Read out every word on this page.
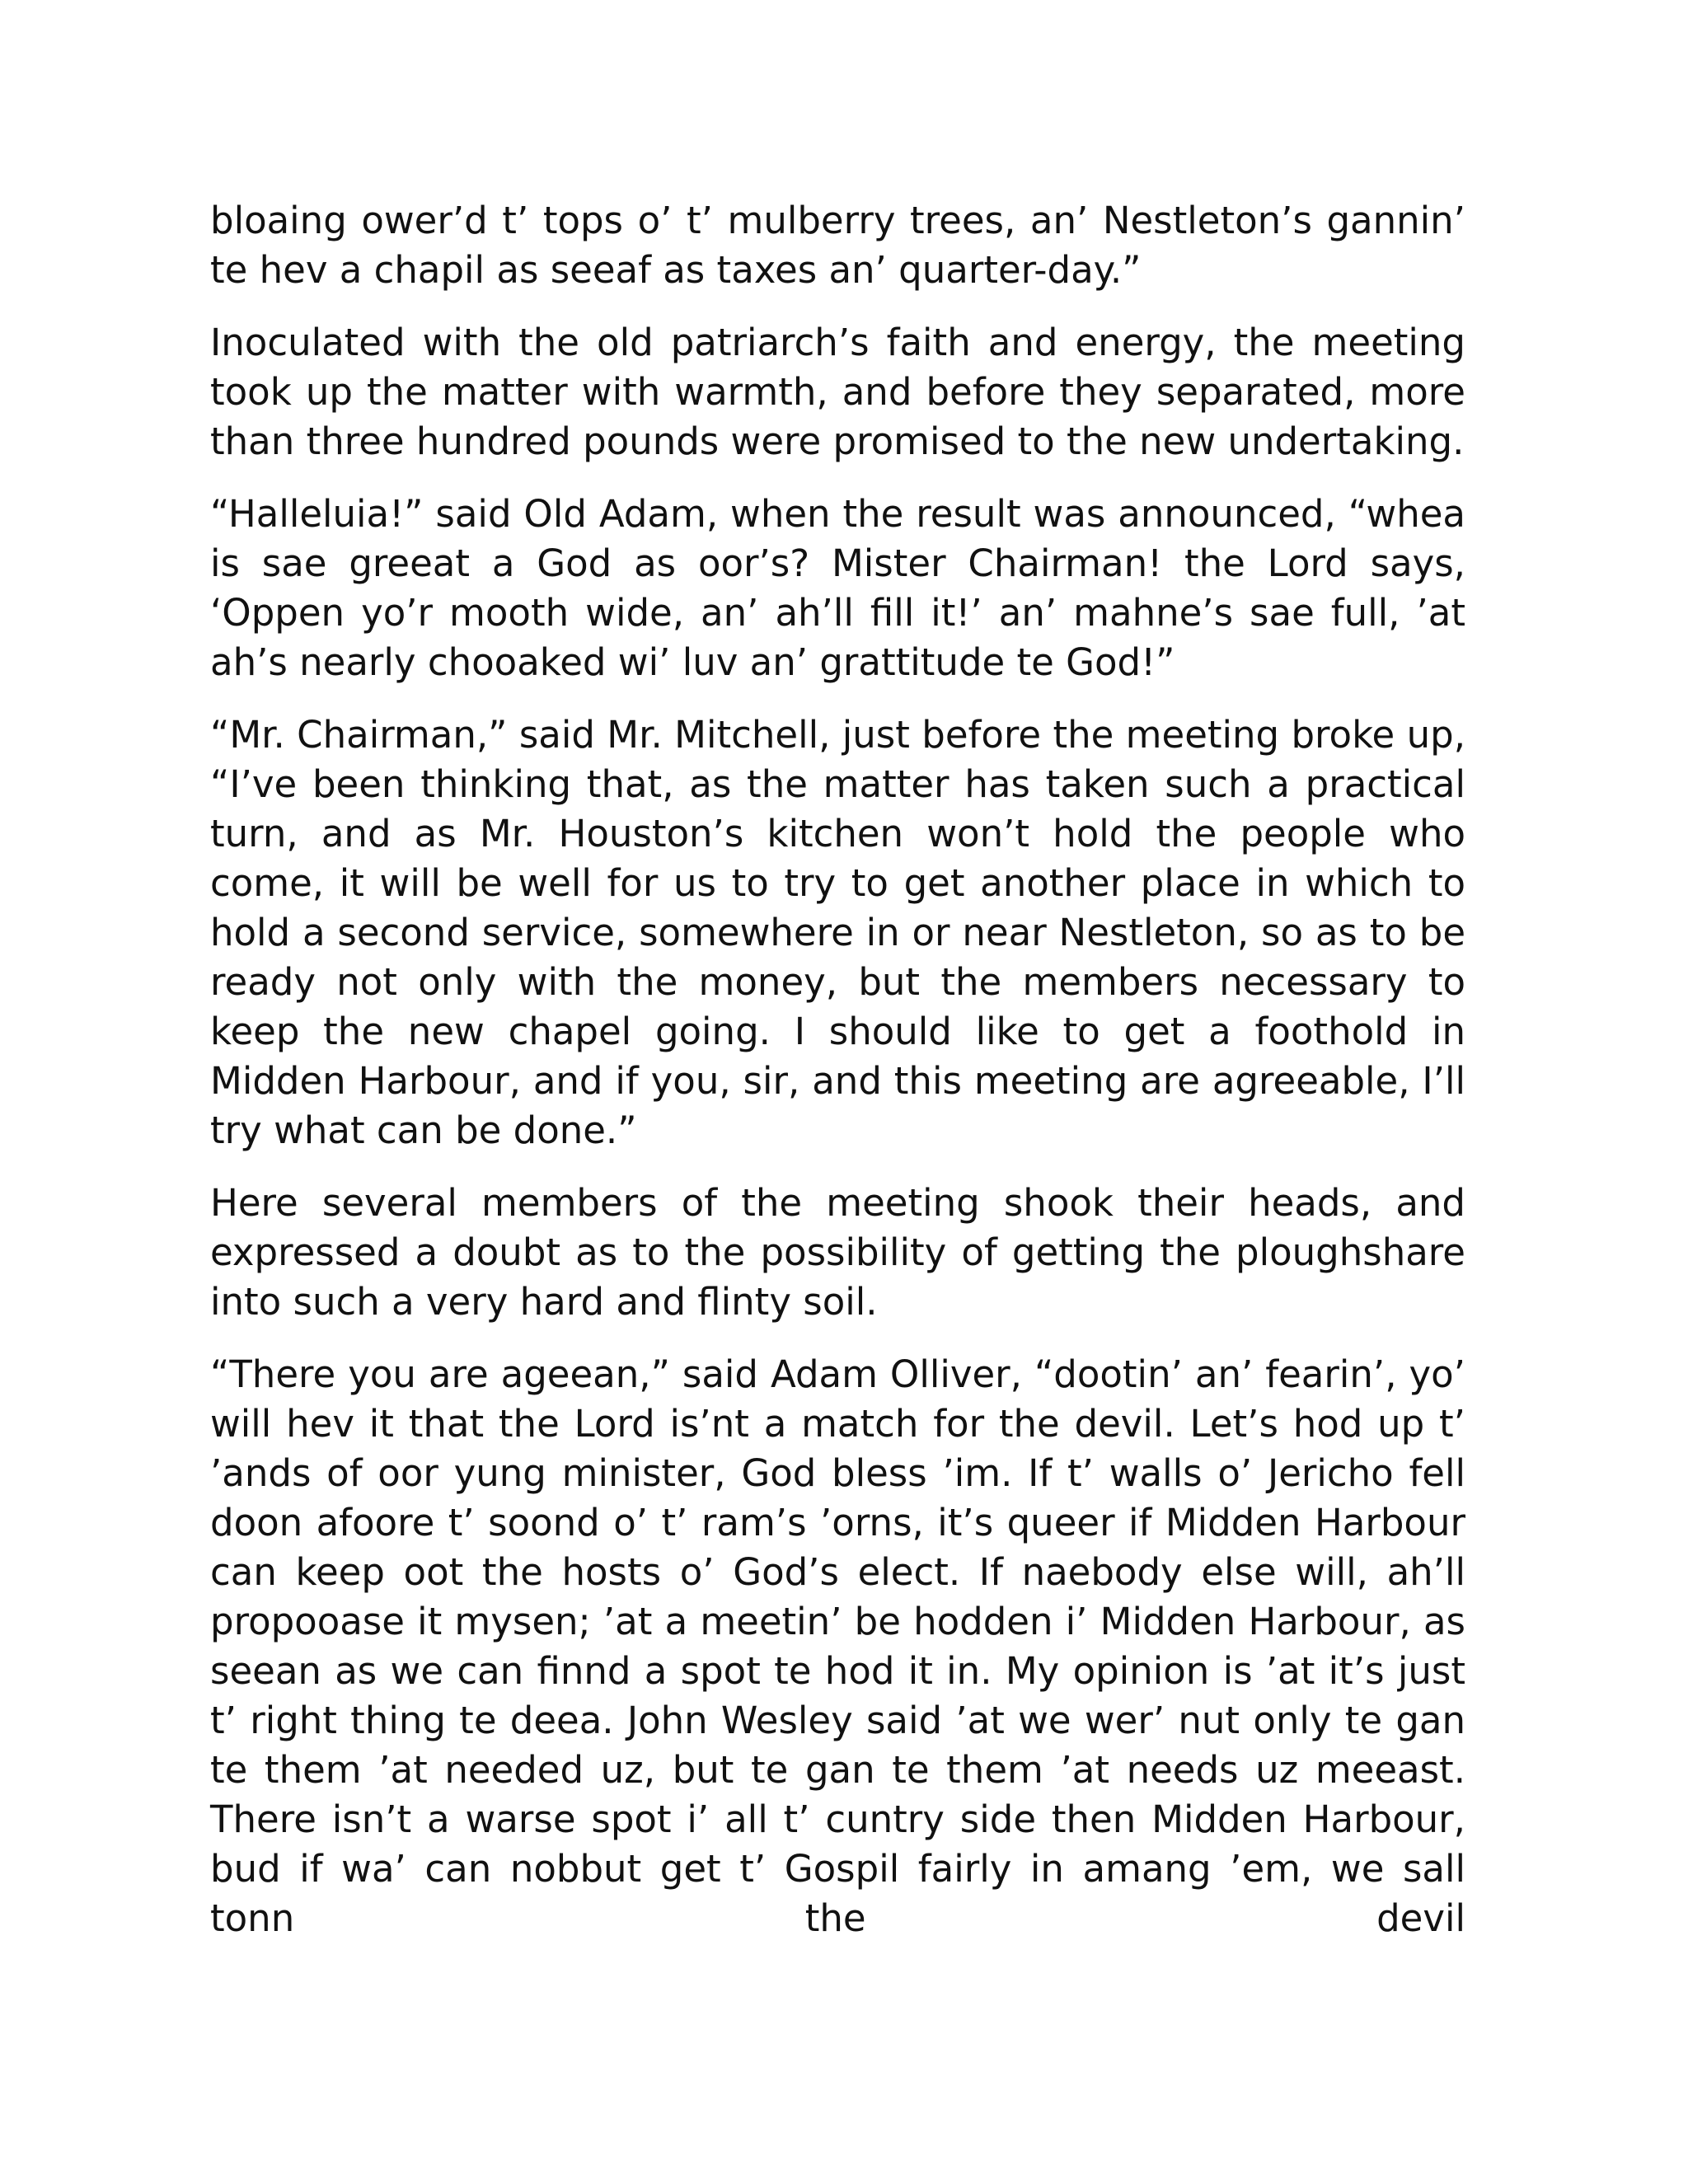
bloaing ower’d t’ tops o’ t’ mulberry trees, an’ Nestleton’s gannin’ te hev a chapil as seeaf as taxes an’ quarter-day.”

Inoculated with the old patriarch’s faith and energy, the meeting took up the matter with warmth, and before they separated, more than three hundred pounds were promised to the new undertaking.

“Halleluia!” said Old Adam, when the result was announced, “whea is sae greeat a God as oor’s? Mister Chairman! the Lord says, ‘Oppen yo’r mooth wide, an’ ah’ll fill it!’ an’ mahne’s sae full, ’at ah’s nearly chooaked wi’ luv an’ grattitude te God!”

“Mr. Chairman,” said Mr. Mitchell, just before the meeting broke up, “I’ve been thinking that, as the matter has taken such a practical turn, and as Mr. Houston’s kitchen won’t hold the people who come, it will be well for us to try to get another place in which to hold a second service, somewhere in or near Nestleton, so as to be ready not only with the money, but the members necessary to keep the new chapel going. I should like to get a foothold in Midden Harbour, and if you, sir, and this meeting are agreeable, I’ll try what can be done.”

Here several members of the meeting shook their heads, and expressed a doubt as to the possibility of getting the ploughshare into such a very hard and flinty soil.

“There you are ageean,” said Adam Olliver, “dootin’ an’ fearin’, yo’ will hev it that the Lord is’nt a match for the devil. Let’s hod up t’ ’ands of oor yung minister, God bless ’im. If t’ walls o’ Jericho fell doon afoore t’ soond o’ t’ ram’s ’orns, it’s queer if Midden Harbour can keep oot the hosts o’ God’s elect. If naebody else will, ah’ll propooase it mysen; ’at a meetin’ be hodden i’ Midden Harbour, as seean as we can finnd a spot te hod it in. My opinion is ’at it’s just t’ right thing te deea. John Wesley said ’at we wer’ nut only te gan te them ’at needed uz, but te gan te them ’at needs uz meeast. There isn’t a warse spot i’ all t’ cuntry side then Midden Harbour, bud if wa’ can nobbut get t’ Gospil fairly in amang ’em, we sall tonn the devil
